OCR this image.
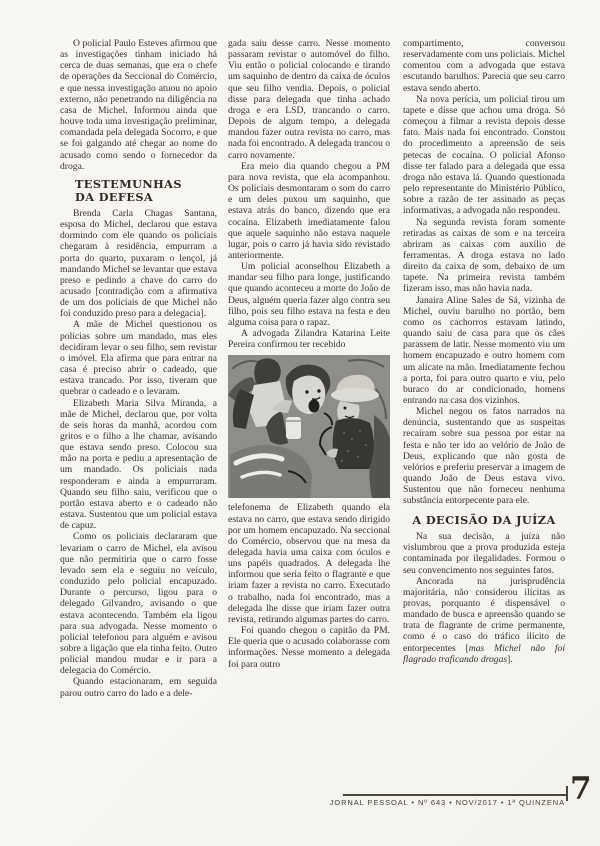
O policial Paulo Esteves afirmou que as investigações tinham iniciado há cerca de duas semanas, que era o chefe de operações da Seccional do Comércio, e que nessa investigação atuou no apoio externo, não penetrando na diligência na casa de Michel. Informou ainda que houve toda uma investigação preliminar, comandada pela delegada Socorro, e que se foi galgando até chegar ao nome do acusado como sendo o fornecedor da droga.

TESTEMUNHAS
DA DEFESA

Brenda Carla Chagas Santana, esposa do Michel, declarou que estava dormindo com ele quando os policiais chegaram à residência, empurram a porta do quarto, puxaram o lençol, já mandando Michel se levantar que estava preso e pedindo a chave do carro do acusado [contradição com a afirmativa de um dos policiais de que Michel não foi conduzido preso para a delegacia].

A mãe de Michel questionou os policias sobre um mandado, mas eles decidiram levar o seu filho, sem revistar o imóvel. Ela afirma que para entrar na casa é preciso abrir o cadeado, que estava trancado. Por isso, tiveram que quebrar o cadeado e o levaram.

Elizabeth Maria Silva Miranda, a mãe de Michel, declarou que, por volta de seis horas da manhã, acordou com gritos e o filho a lhe chamar, avisando que estava sendo preso. Colocou sua mão na porta e pediu a apresentação de um mandado. Os policiais nada responderam e ainda a empurraram. Quando seu filho saiu, verificou que o portão estava aberto e o cadeado não estava. Sustentou que um policial estava de capuz.

Como os policiais declararam que levariam o carro de Michel, ela avisou que não permitiria que o carro fosse levado sem ela e seguiu no veículo, conduzido pelo policial encapuzado. Durante o percurso, ligou para o delegado Gilvandro, avisando o que estava acontecendo. Também ela ligou para sua advogada. Nesse momento o policial telefonou para alguém e avisou sobre a ligação que ela tinha feito. Outro policial mandou mudar e ir para a delegacia do Comércio.

Quando estacionaram, em seguida parou outro carro do lado e a dele-

gada saiu desse carro. Nesse momento passaram revistar o automóvel do filho. Viu então o policial colocando e tirando um saquinho de dentro da caixa de óculos que seu filho vendia. Depois, o policial disse para delegada que tinha achado droga e era LSD, trancando o carro. Depois de algum tempo, a delegada mandou fazer outra revista no carro, mas nada foi encontrado. A delegada trancou o carro novamente.

Era meio dia quando chegou a PM para nova revista, que ela acompanhou. Os policiais desmontaram o som do carro e um deles puxou um saquinho, que estava atrás do banco, dizendo que era cocaína. Elizabeth imediatamente falou que aquele saquinho não estava naquele lugar, pois o carro já havia sido revistado anteriormente.

Um policial aconselhou Elizabeth a mandar seu filho para longe, justificando que quando aconteceu a morte do João de Deus, alguém queria fazer algo contra seu filho, pois seu filho estava na festa e deu alguma coisa para o rapaz.

A advogada Zilandra Katarina Leite Pereira confirmou ter recebido

telefonema de Elizabeth quando ela estava no carro, que estava sendo dirigido por um homem encapuzado. Na seccional do Comércio, observou que na mesa da delegada havia uma caixa com óculos e uns papéis quadrados. A delegada lhe informou que seria feito o flagrante e que iriam fazer a revista no carro. Executado o trabalho, nada foi encontrado, mas a delegada lhe disse que iriam fazer outra revista, retirando algumas partes do carro.

Foi quando chegou o capitão da PM. Ele queria que o acusado colaborasse com informações. Nesse momento a delegada foi para outro

compartimento, conversou reservadamente com uns policiais. Michel comentou com a advogada que estava escutando barulhos. Parecia que seu carro estava sendo aberto.

Na nova perícia, um policial tirou um tapete e disse que achou uma droga. Só começou a filmar a revista depois desse fato. Mais nada foi encontrado. Constou do procedimento a apreensão de seis petecas de cocaína. O policial Afonso disse ter falado para a delegada que essa droga não estava lá. Quando questionada pelo representante do Ministério Público, sobre a razão de ter assinado as peças informativas, a advogada não respondeu.

Na segunda revista foram somente retiradas as caixas de som e na terceira abriram as caixas com auxílio de ferramentas. A droga estava no lado direito da caixa de som, debaixo de um tapete. Na primeira revista também fizeram isso, mas não havia nada.

Janaira Aline Sales de Sá, vizinha de Michel, ouviu barulho no portão, bem como os cachorros estavam latindo, quando saiu de casa para que os cães parassem de latir. Nesse momento viu um homem encapuzado e outro homem com um alicate na mão. Imediatamente fechou a porta, foi para outro quarto e viu, pelo buraco do ar condicionado, homens entrando na casa dos vizinhos.

Michel negou os fatos narrados na denúncia, sustentando que as suspeitas recaíram sobre sua pessoa por estar na festa e não ter ido ao velório de João de Deus, explicando que não gosta de velórios e preferiu preservar a imagem de quando João de Deus estava vivo. Sustentou que não forneceu nenhuma substância entorpecente para ele.

A DECISÃO DA JUÍZA

Na sua decisão, a juíza não vislumbrou que a prova produzida esteja contaminada por ilegalidades. Formou o seu convencimento nos seguintes fatos.

Ancorada na jurisprudência majoritária, não considerou ilícitas as provas, porquanto é dispensável o mandado de busca e apreensão quando se trata de flagrante de crime permanente, como é o caso do tráfico ilícito de entorpecentes [mas Michel não foi flagrado traficando drogas].

JORNAL PESSOAL • Nº 643 • NOV/2017 • 1ª QUINZENA 7
